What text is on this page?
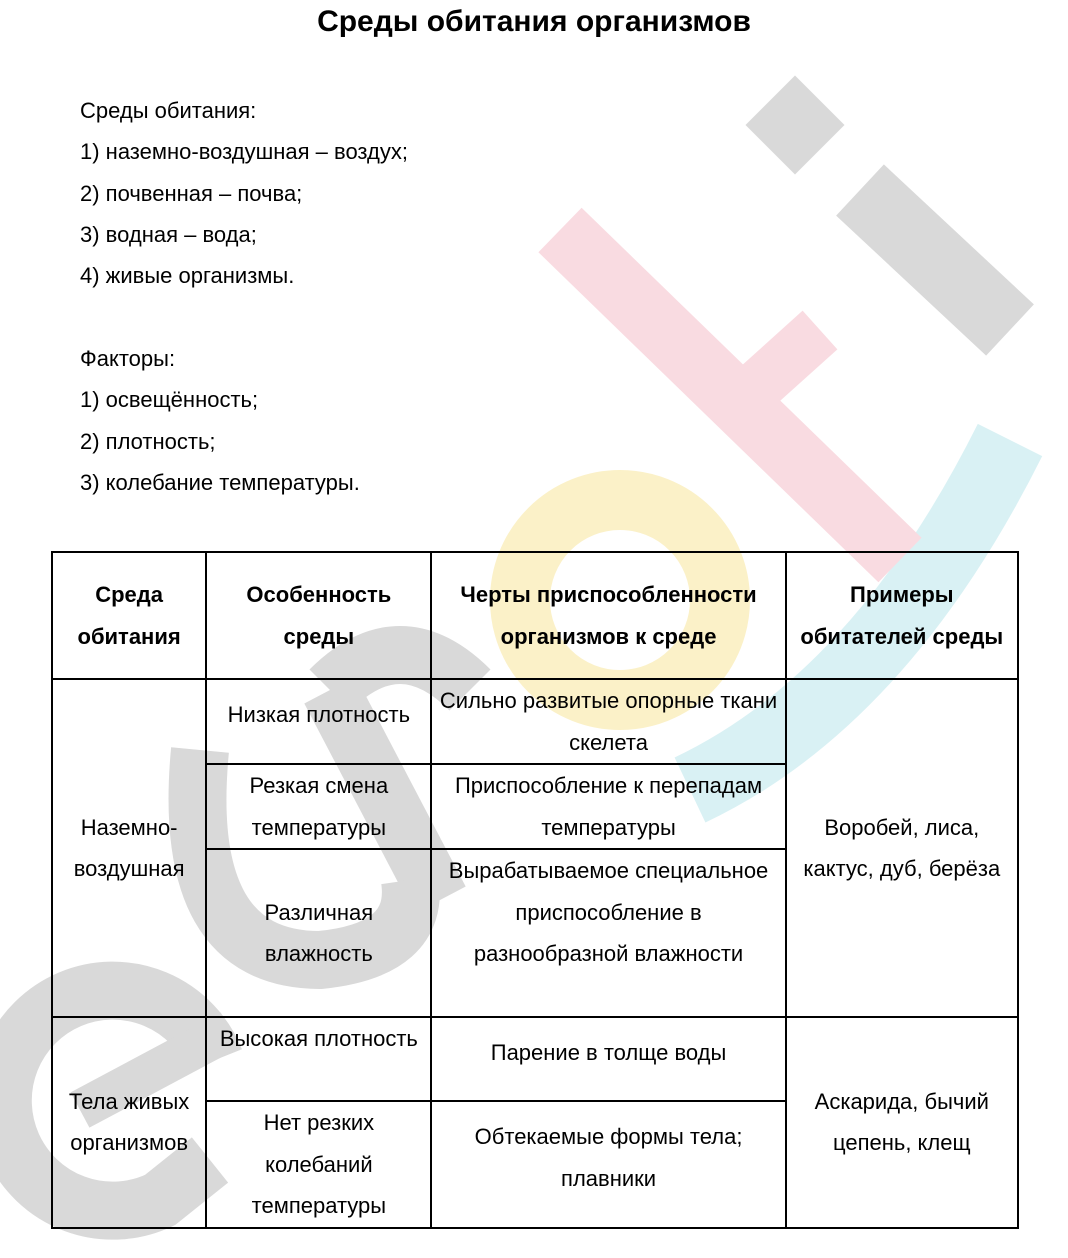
Среды обитания организмов
Среды обитания:
1) наземно-воздушная – воздух;
2) почвенная – почва;
3) водная – вода;
4) живые организмы.
Факторы:
1) освещённость;
2) плотность;
3) колебание температуры.
Среда обитания	Особенность среды	Черты приспособленности организмов к среде	Примеры обитателей среды
Наземно-воздушная	Низкая плотность	Сильно развитые опорные ткани скелета	Воробей, лиса, кактус, дуб, берёза
	Резкая смена температуры	Приспособление к перепадам температуры	
	Различная влажность	Вырабатываемое специальное приспособление в разнообразной влажности	
Тела живых организмов	Высокая плотность	Парение в толще воды	Аскарида, бычий цепень, клещ
	Нет резких колебаний температуры	Обтекаемые формы тела; плавники	
